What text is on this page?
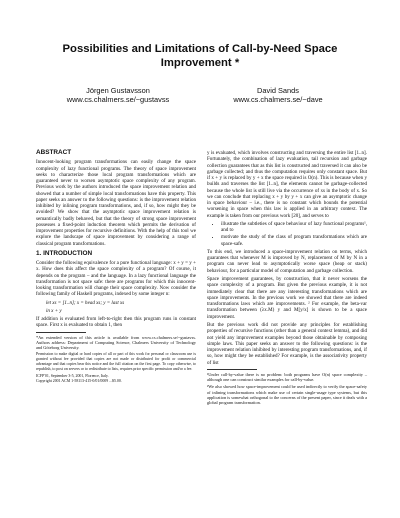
Possibilities and Limitations of Call-by-Need Space Improvement *
Jörgen Gustavsson
www.cs.chalmers.se/~gustavss
David Sands
www.cs.chalmers.se/~dave
ABSTRACT

Innocent-looking program transformations can easily change the space complexity of lazy functional programs. The theory of space improvement seeks to characterize those local program transformations which are guaranteed never to worsen asymptotic space complexity of any program. Previous work by the authors introduced the space improvement relation and showed that a number of simple local transformations have this property. This paper seeks an answer to the following questions: is the improvement relation inhibited by inlining program transformations, and, if so, how might they be avoided? We show that the asymptotic space improvement relation is semantically badly behaved, but that the theory of strong space improvement possesses a fixed-point induction theorem which permits the derivation of improvement properties for recursive definitions. With the help of this tool we explore the landscape of space improvement by considering a range of classical program transformations.

1. INTRODUCTION

Consider the following equivalence for a pure functional language: x + y = y + x. How does this affect the space complexity of a program? Of course, it depends on the program – and the language. In a lazy functional language the transformation is not space safe: there are programs for which this innocent-looking transformation will change their space complexity. Now consider the following family of Haskell programs, indexed by some integer n:

let xs = [1..n]; x = head xs; y = last xs
in x + y

If addition is evaluated from left-to-right then this program runs in constant space. First x is evaluated to obtain 1, then

*An extended version of this article is available from www.cs.chalmers.se/~gustavss. Authors address: Department of Computing Science, Chalmers University of Technology and Göteborg University.

Permission to make digital or hard copies of all or part of this work for personal or classroom use is granted without fee provided that copies are not made or distributed for profit or commercial advantage and that copies bear this notice and the full citation on the first page. To copy otherwise, to republish, to post on servers or to redistribute to lists, requires prior specific permission and/or a fee.

ICFP'01, September 3-5, 2001, Florence, Italy.
Copyright 2001 ACM 1-58113-415-0/01/0009 ...$5.00.

y is evaluated, which involves constructing and traversing the entire list [1..n]. Fortunately, the combination of lazy evaluation, tail recursion and garbage collection guarantees that as this list is constructed and traversed it can also be garbage collected; and thus the computation requires only constant space. But if x + y is replaced by y + x the space required is O(n). This is because when y builds and traverses the list [1..n], the elements cannot be garbage-collected because the whole list is still live via the occurrence of xs in the body of x. So we can conclude that replacing x + y by y + x can give an asymptotic change in space behaviour – i.e., there is no constant which bounds the potential worsening in space when this law is applied in an arbitrary context. The example is taken from our previous work [20], and serves to

• illustrate the subtleties of space behaviour of lazy functional programs¹, and to
• motivate the study of the class of program transformations which are space-safe.

To this end, we introduced a space-improvement relation on terms, which guarantees that whenever M is improved by N, replacement of M by N in a program can never lead to asymptotically worse space (heap or stack) behaviour, for a particular model of computation and garbage collection.

Space improvement guarantees, by construction, that it never worsens the space complexity of a program. But given the previous example, it is not immediately clear that there are any interesting transformations which are space improvements. In the previous work we showed that there are indeed transformations laws which are improvements. ² For example, the beta-var transformation between (λx.M) y and M[y/x] is shown to be a space improvement.

But the previous work did not provide any principles for establishing properties of recursive functions (other than a general context lemma), and did not yield any improvement examples beyond those obtainable by composing simple laws. This paper seeks an answer to the following questions: is the improvement relation inhibited by interesting program transformations, and, if so, how might they be established? For example, is the associativity property of list

¹Under call-by-value there is no problem: both programs have O(n) space complexity – although one can construct similar examples for call-by-value.

²We also showed how space-improvement could be used indirectly to verify the space-safety of inlining transformations which make use of certain single-usage type systems, but this application is somewhat orthogonal to the concerns of the present paper, since it deals with a global program transformation.
